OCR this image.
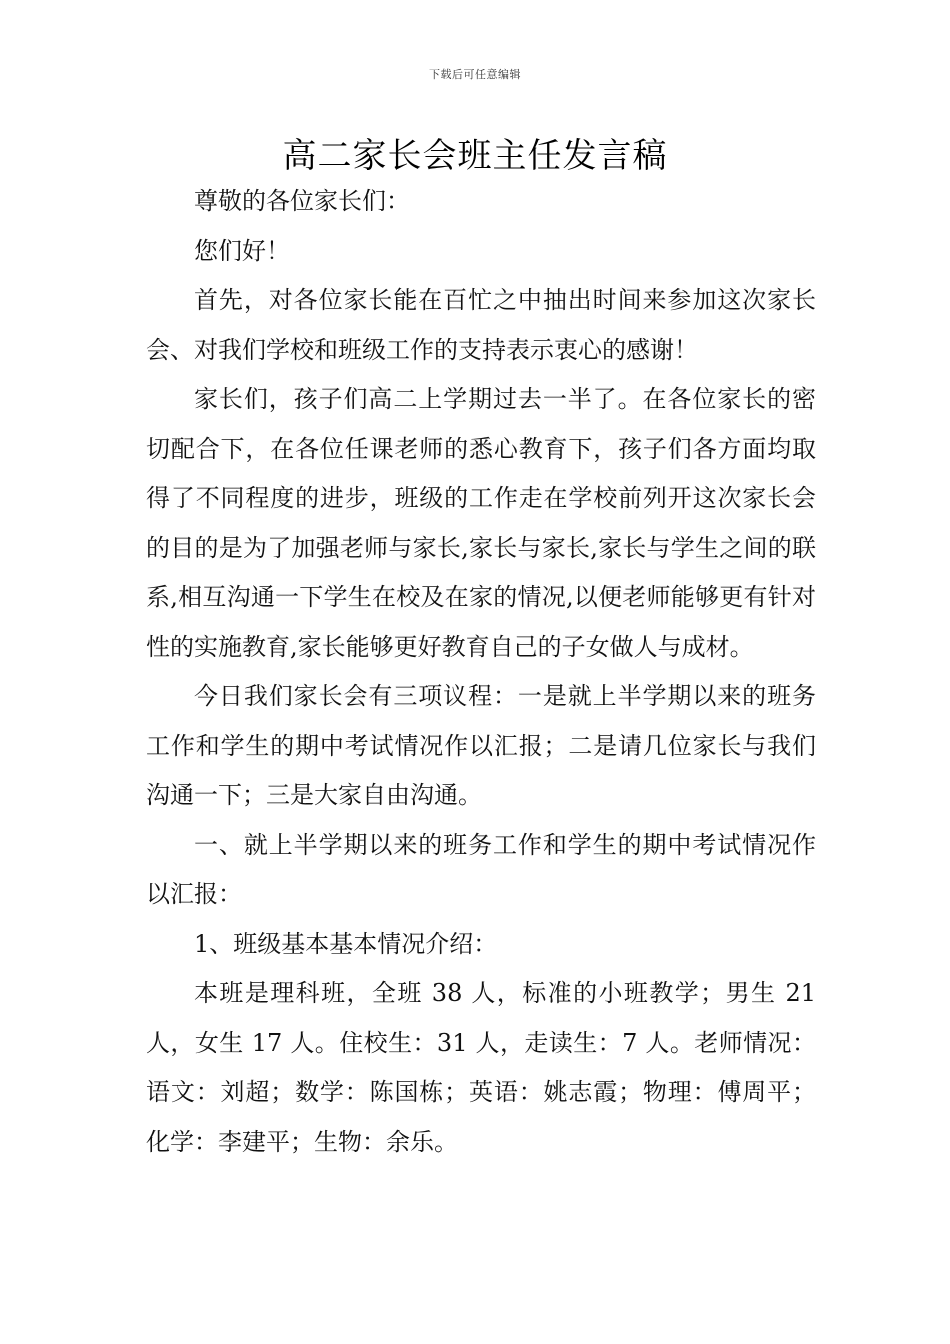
下载后可任意编辑
高二家长会班主任发言稿

尊敬的各位家长们：

您们好！

首先，对各位家长能在百忙之中抽出时间来参加这次家长会、对我们学校和班级工作的支持表示衷心的感谢！

家长们，孩子们高二上学期过去一半了。在各位家长的密切配合下，在各位任课老师的悉心教育下，孩子们各方面均取得了不同程度的进步，班级的工作走在学校前列开这次家长会的目的是为了加强老师与家长,家长与家长,家长与学生之间的联系,相互沟通一下学生在校及在家的情况,以便老师能够更有针对性的实施教育,家长能够更好教育自己的子女做人与成材。

今日我们家长会有三项议程：一是就上半学期以来的班务工作和学生的期中考试情况作以汇报；二是请几位家长与我们沟通一下；三是大家自由沟通。

一、就上半学期以来的班务工作和学生的期中考试情况作以汇报：

1、班级基本基本情况介绍：

本班是理科班，全班 38 人，标准的小班教学；男生 21 人，女生 17 人。住校生：31 人，走读生：7 人。老师情况：语文：刘超；数学：陈国栋；英语：姚志霞；物理：傅周平；化学：李建平；生物：余乐。
